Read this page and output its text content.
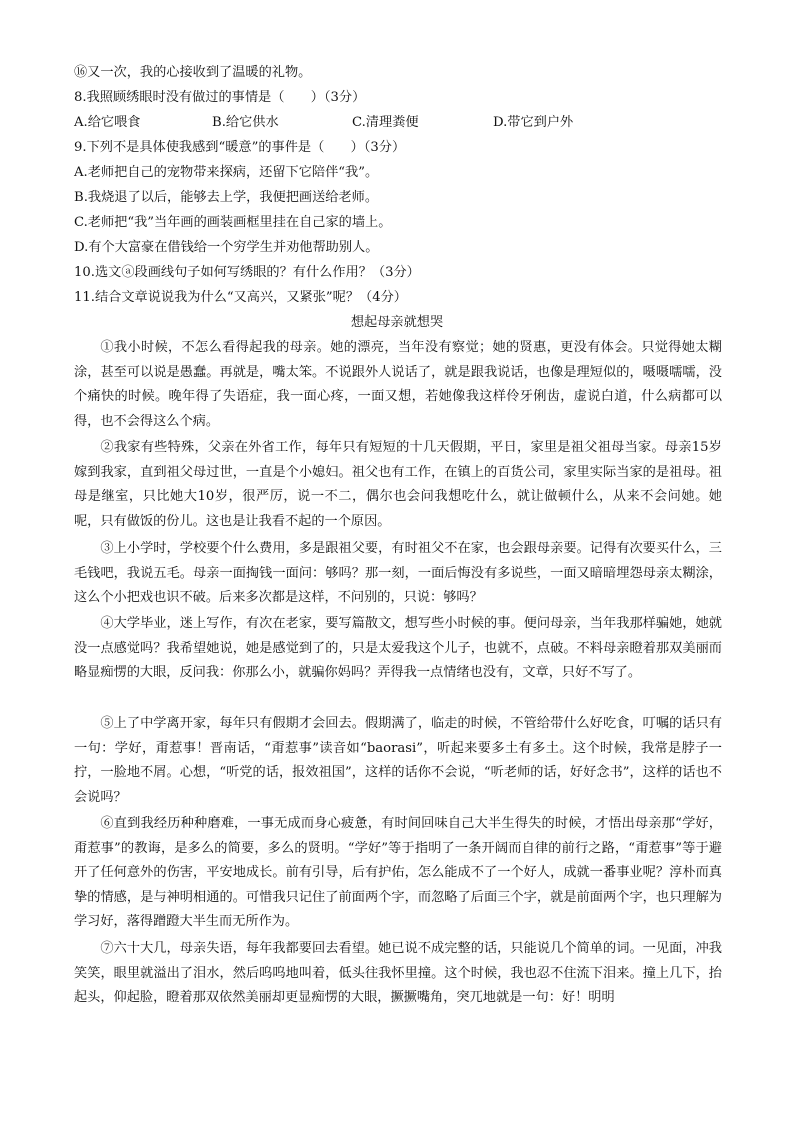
⑯又一次，我的心接收到了温暖的礼物。
8.我照顾绣眼时没有做过的事情是（　　）（3分）
A.给它喂食	B.给它供水	C.清理粪便	D.带它到户外
9.下列不是具体使我感到“暖意”的事件是（　　）（3分）
A.老师把自己的宠物带来探病，还留下它陪伴“我”。
B.我烧退了以后，能够去上学，我便把画送给老师。
C.老师把“我”当年画的画装画框里挂在自己家的墙上。
D.有个大富豪在借钱给一个穷学生并劝他帮助别人。
10.选文ⓐ段画线句子如何写绣眼的？有什么作用？（3分）
11.结合文章说说我为什么“又高兴，又紧张”呢？（4分）
想起母亲就想哭

①我小时候，不怎么看得起我的母亲。她的漂亮，当年没有察觉；她的贤惠，更没有体会。只觉得她太糊涂，甚至可以说是愚蠢。再就是，嘴太笨。不说跟外人说话了，就是跟我说话，也像是理短似的，嗫嗫嚅嚅，没个痛快的时候。晚年得了失语症，我一面心疼，一面又想，若她像我这样伶牙俐齿，虚说白道，什么病都可以得，也不会得这么个病。

②我家有些特殊，父亲在外省工作，每年只有短短的十几天假期，平日，家里是祖父祖母当家。母亲15岁嫁到我家，直到祖父母过世，一直是个小媳妇。祖父也有工作，在镇上的百货公司，家里实际当家的是祖母。祖母是继室，只比她大10岁，很严厉，说一不二，偶尔也会问我想吃什么，就让做顿什么，从来不会问她。她呢，只有做饭的份儿。这也是让我看不起的一个原因。

③上小学时，学校要个什么费用，多是跟祖父要，有时祖父不在家，也会跟母亲要。记得有次要买什么，三毛钱吧，我说五毛。母亲一面掏钱一面问：够吗？那一刻，一面后悔没有多说些，一面又暗暗埋怨母亲太糊涂，这么个小把戏也识不破。后来多次都是这样，不问别的，只说：够吗？

④大学毕业，迷上写作，有次在老家，要写篇散文，想写些小时候的事。便问母亲，当年我那样骗她，她就没一点感觉吗？我希望她说，她是感觉到了的，只是太爱我这个儿子，也就不，点破。不料母亲瞪着那双美丽而略显痴愣的大眼，反问我：你那么小，就骗你妈吗？弄得我一点情绪也没有，文章，只好不写了。

⑤上了中学离开家，每年只有假期才会回去。假期满了，临走的时候，不管给带什么好吃食，叮嘱的话只有一句：学好，甭惹事！晋南话，“甭惹事”读音如“baorasi”，听起来要多土有多土。这个时候，我常是脖子一拧，一脸地不屑。心想，“听党的话，报效祖国”，这样的话你不会说，“听老师的话，好好念书”，这样的话也不会说吗？

⑥直到我经历种种磨难，一事无成而身心疲惫，有时间回味自己大半生得失的时候，才悟出母亲那“学好，甭惹事”的教诲，是多么的简要，多么的贤明。“学好”等于指明了一条开阔而自律的前行之路，“甭惹事”等于避开了任何意外的伤害，平安地成长。前有引导，后有护佑，怎么能成不了一个好人，成就一番事业呢？淳朴而真挚的情感，是与神明相通的。可惜我只记住了前面两个字，而忽略了后面三个字，就是前面两个字，也只理解为学习好，落得蹭蹬大半生而无所作为。

⑦六十大几，母亲失语，每年我都要回去看望。她已说不成完整的话，只能说几个简单的词。一见面，冲我笑笑，眼里就溢出了泪水，然后呜呜地叫着，低头往我怀里撞。这个时候，我也忍不住流下泪来。撞上几下，抬起头，仰起脸，瞪着那双依然美丽却更显痴愣的大眼，撅撅嘴角，突兀地就是一句：好！明明
